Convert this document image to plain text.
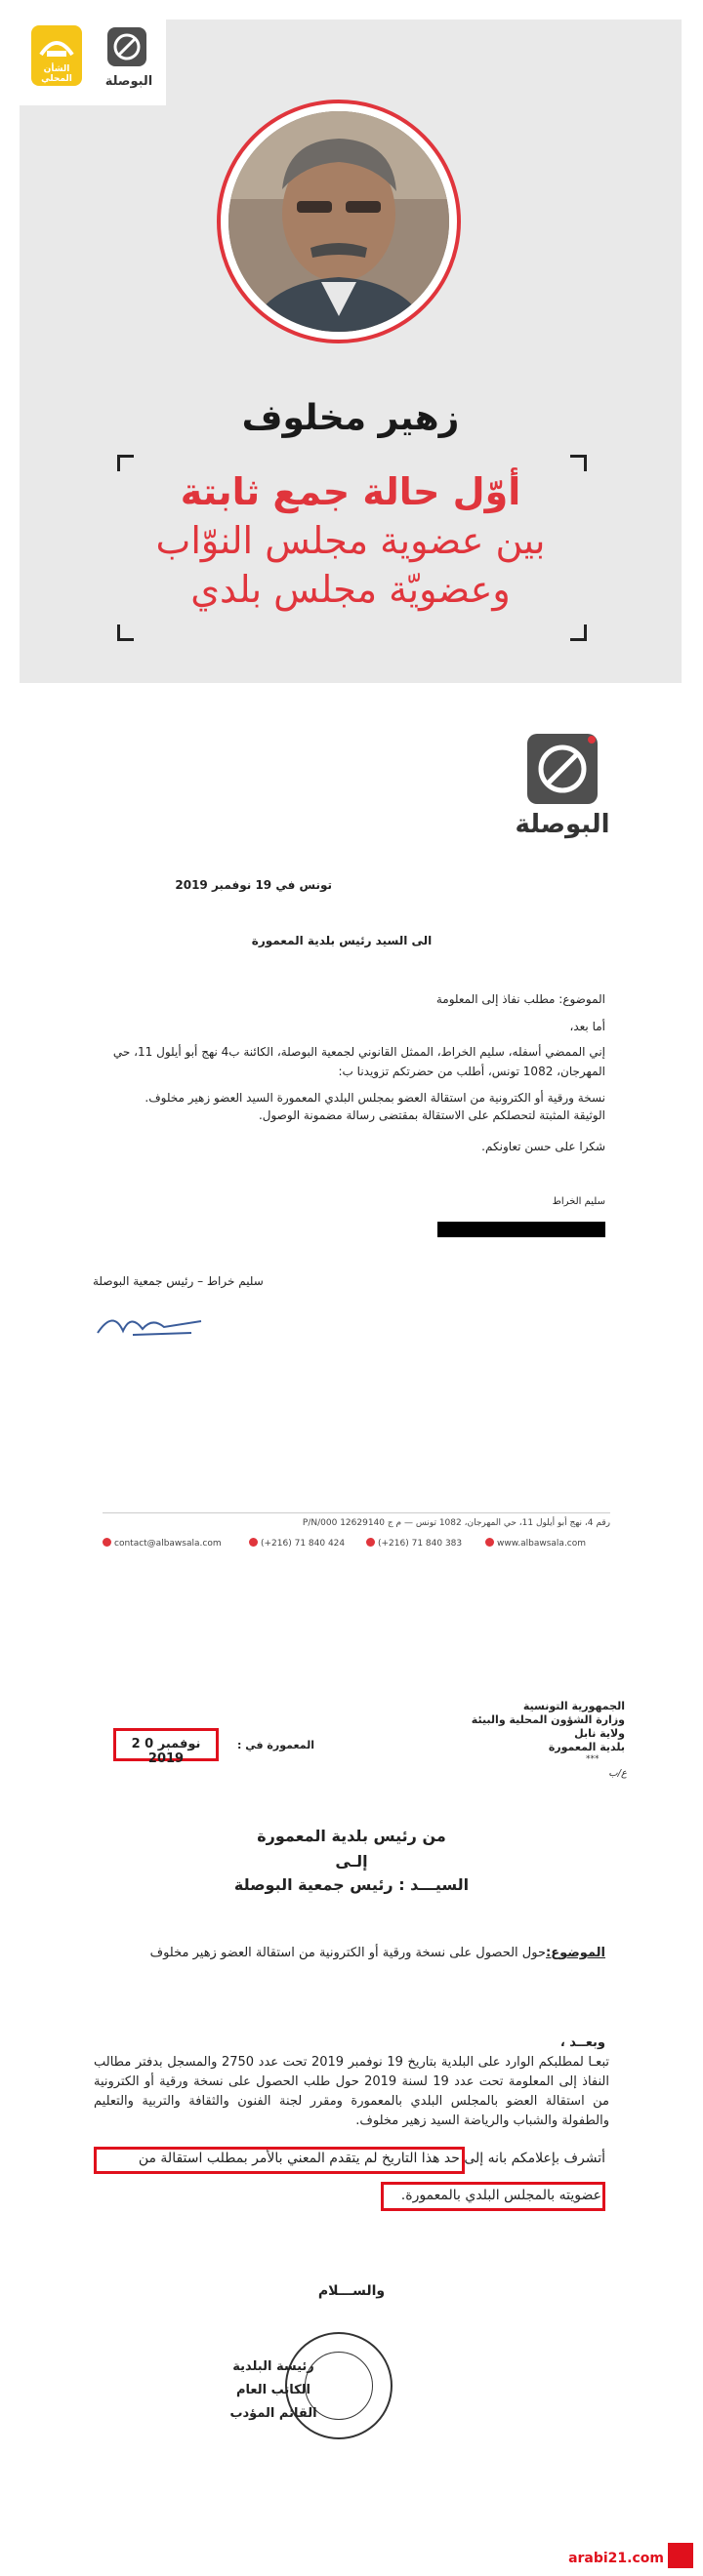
الشأن المحلي	البوصلة
زهير مخلوف
أوّل حالة جمع ثابتة
بين عضوية مجلس النوّاب
وعضويّة مجلس بلدي
البوصلة
تونس في 19 نوفمبر 2019
الى السيد رئيس بلدية المعمورة
الموضوع: مطلب نفاذ إلى المعلومة
أما بعد،
إني الممضي أسفله، سليم الخراط، الممثل القانوني لجمعية البوصلة، الكائنة ب4 نهج أبو أيلول 11، حي المهرجان، 1082 تونس، أطلب من حضرتكم تزويدنا ب:
نسخة ورقية أو الكترونية من استقالة العضو بمجلس البلدي المعمورة السيد العضو زهير مخلوف.
الوثيقة المثبتة لتحصلكم على الاستقالة بمقتضى رسالة مضمونة الوصول.
شكرا على حسن تعاونكم.
سليم الخراط
سليم خراط – رئيس جمعية البوصلة
رقم 4، نهج أبو أيلول 11، حي المهرجان، 1082 تونس — م ج 12629140 P/N/000
contact@albawsala.com	(+216) 71 840 424	(+216) 71 840 383	www.albawsala.com
الجمهورية التونسية
وزارة الشؤون المحلية والبيئة
ولاية نابل
بلدية المعمورة
***
ع/ب
2 0 نوفمبر 2019
المعمورة في :
من رئيس بلدية المعمورة
إلـى
السيـــد : رئيس جمعية البوصلة
الموضوع:حول الحصول على نسخة ورقية أو الكترونية من استقالة العضو زهير مخلوف
وبعــد ،
تبعـا لمطلبكم الوارد على البلدية بتاريخ 19 نوفمبر 2019 تحت عدد 2750 والمسجل بدفتر مطالب النفاذ إلى المعلومة تحت عدد 19 لسنة 2019 حول طلب الحصول على نسخة ورقية أو الكترونية من استقالة العضو بالمجلس البلدي بالمعمورة ومقرر لجنة الفنون والثقافة والتربية والتعليم والطفولة والشباب والرياضة السيد زهير مخلوف.
أتشرف بإعلامكم بانه إلى حد هذا التاريخ لم يتقدم المعني بالأمر بمطلب استقالة من
عضويته بالمجلس البلدي بالمعمورة.
والســـلام
رئيسة البلدية
الكاتب العام
القائم المؤدب
arabi21.com
